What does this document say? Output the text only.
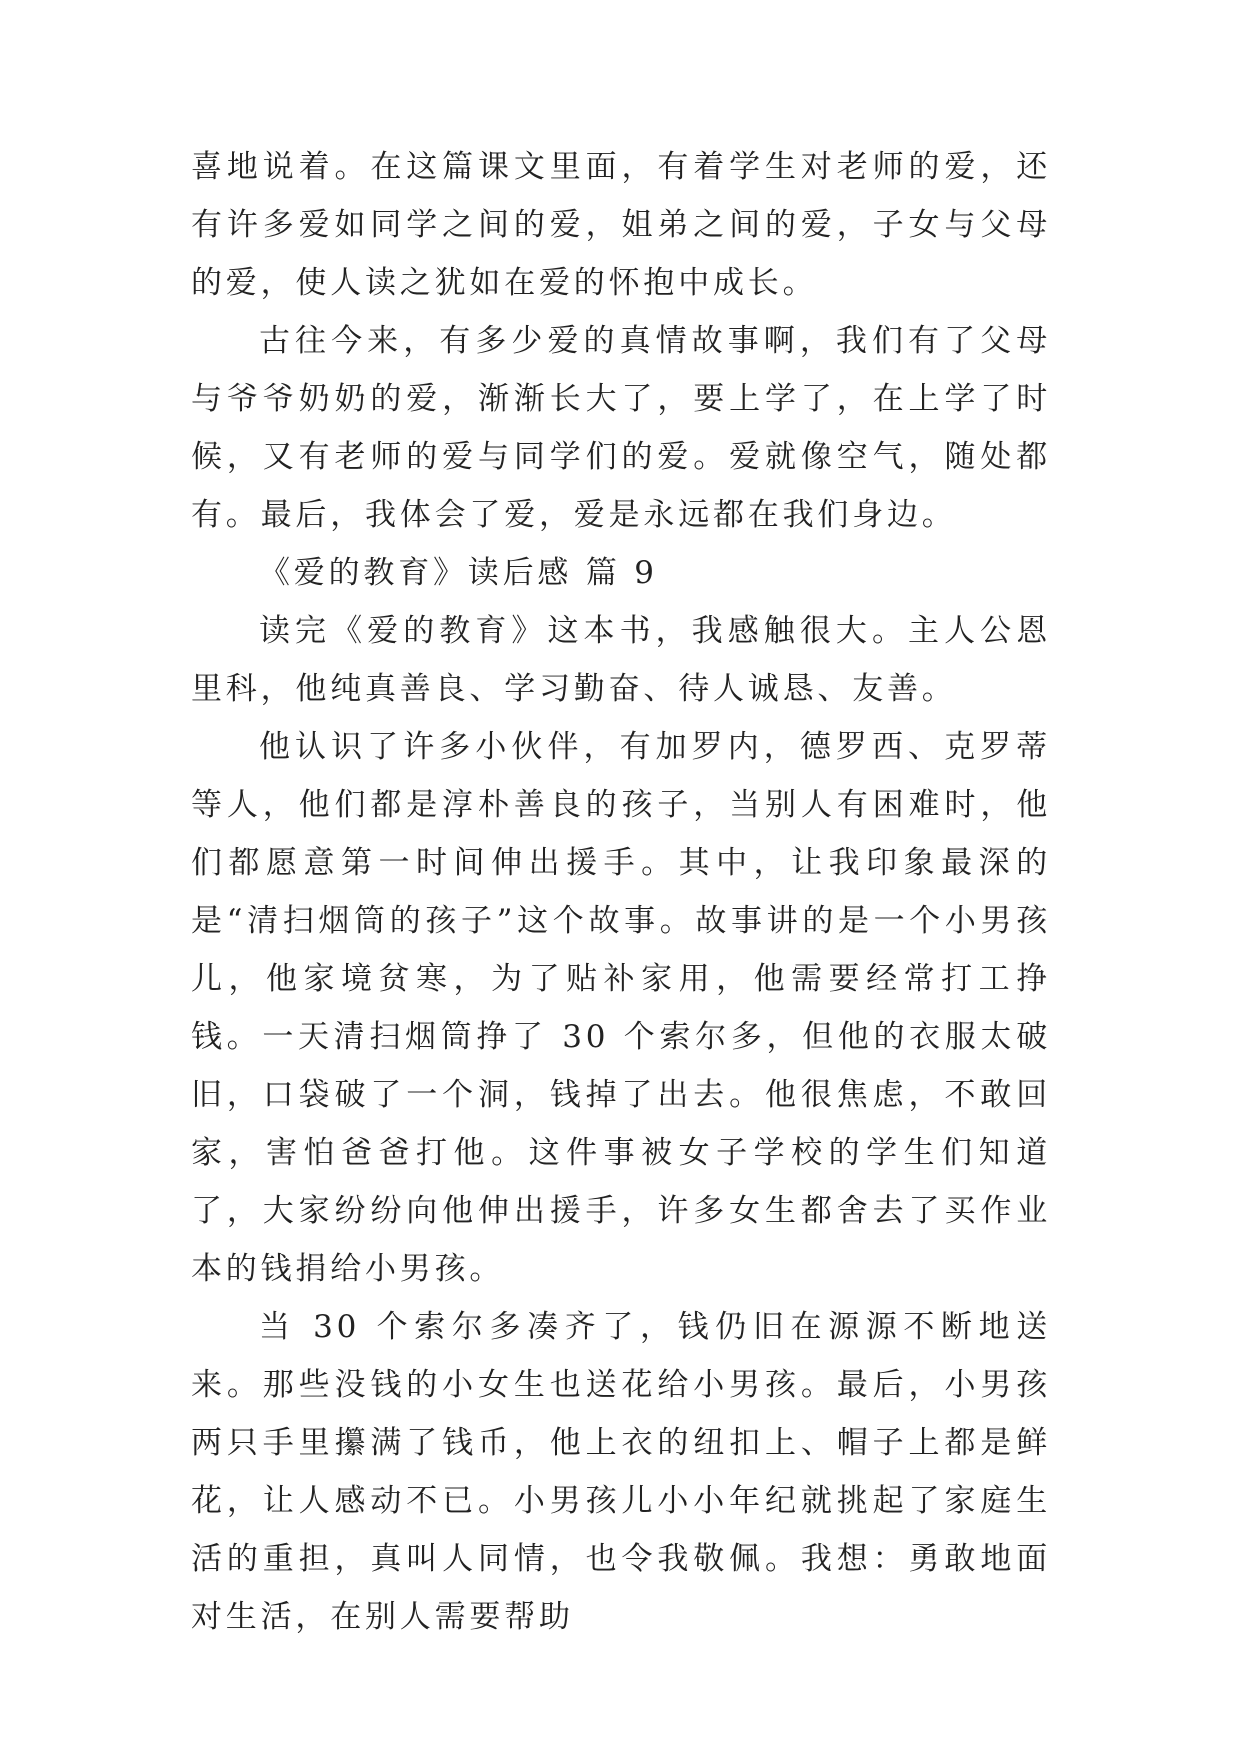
喜地说着。在这篇课文里面，有着学生对老师的爱，还有许多爱如同学之间的爱，姐弟之间的爱，子女与父母的爱，使人读之犹如在爱的怀抱中成长。

古往今来，有多少爱的真情故事啊，我们有了父母与爷爷奶奶的爱，渐渐长大了，要上学了，在上学了时候，又有老师的爱与同学们的爱。爱就像空气，随处都有。最后，我体会了爱，爱是永远都在我们身边。

《爱的教育》读后感 篇 9

读完《爱的教育》这本书，我感触很大。主人公恩里科，他纯真善良、学习勤奋、待人诚恳、友善。

他认识了许多小伙伴，有加罗内，德罗西、克罗蒂等人，他们都是淳朴善良的孩子，当别人有困难时，他们都愿意第一时间伸出援手。其中，让我印象最深的是“清扫烟筒的孩子”这个故事。故事讲的是一个小男孩儿，他家境贫寒，为了贴补家用，他需要经常打工挣钱。一天清扫烟筒挣了 30 个索尔多，但他的衣服太破旧，口袋破了一个洞，钱掉了出去。他很焦虑，不敢回家，害怕爸爸打他。这件事被女子学校的学生们知道了，大家纷纷向他伸出援手，许多女生都舍去了买作业本的钱捐给小男孩。

当 30 个索尔多凑齐了，钱仍旧在源源不断地送来。那些没钱的小女生也送花给小男孩。最后，小男孩两只手里攥满了钱币，他上衣的纽扣上、帽子上都是鲜花，让人感动不已。小男孩儿小小年纪就挑起了家庭生活的重担，真叫人同情，也令我敬佩。我想：勇敢地面对生活，在别人需要帮助
